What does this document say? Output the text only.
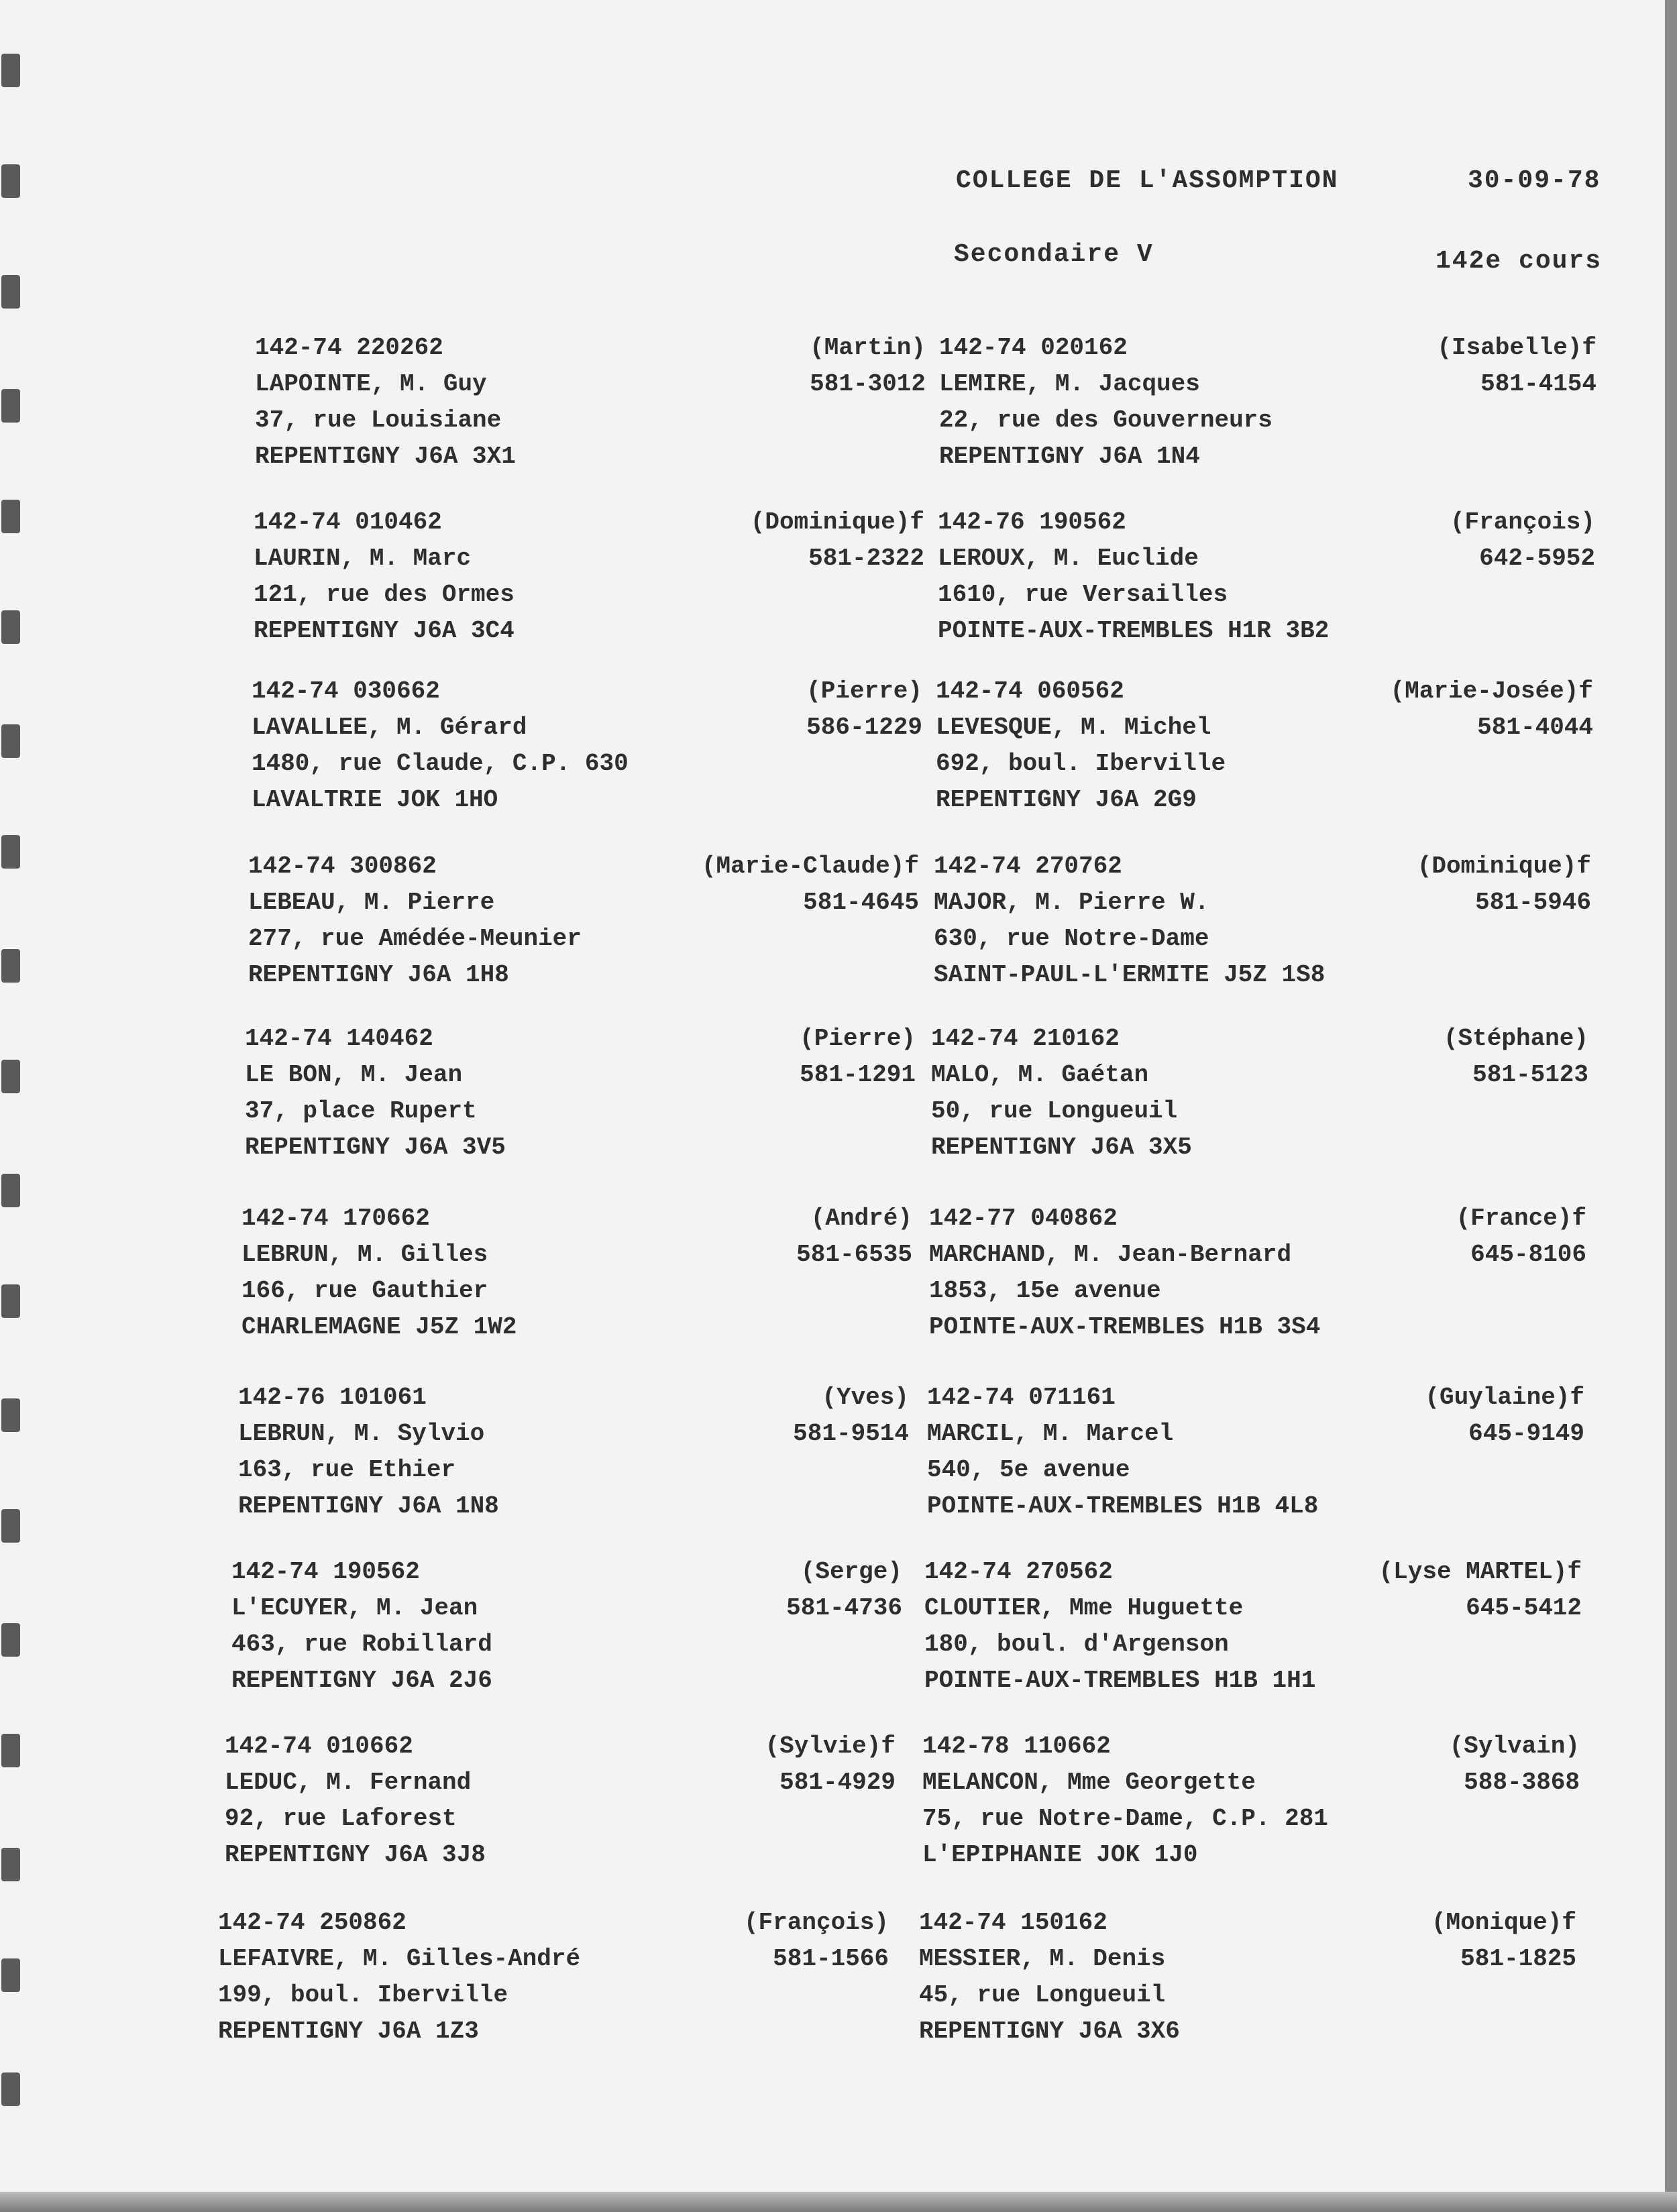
COLLEGE DE L'ASSOMPTION	30-09-78
Secondaire V	142e cours
142-74 220262
LAPOINTE, M. Guy
37, rue Louisiane
REPENTIGNY J6A 3X1
(Martin)
581-3012
142-74 010462
LAURIN, M. Marc
121, rue des Ormes
REPENTIGNY J6A 3C4
(Dominique)f
581-2322
142-74 030662
LAVALLEE, M. Gérard
1480, rue Claude, C.P. 630
LAVALTRIE JOK 1HO
(Pierre)
586-1229
142-74 300862
LEBEAU, M. Pierre
277, rue Amédée-Meunier
REPENTIGNY J6A 1H8
(Marie-Claude)f
581-4645
142-74 140462
LE BON, M. Jean
37, place Rupert
REPENTIGNY J6A 3V5
(Pierre)
581-1291
142-74 170662
LEBRUN, M. Gilles
166, rue Gauthier
CHARLEMAGNE J5Z 1W2
(André)
581-6535
142-76 101061
LEBRUN, M. Sylvio
163, rue Ethier
REPENTIGNY J6A 1N8
(Yves)
581-9514
142-74 190562
L'ECUYER, M. Jean
463, rue Robillard
REPENTIGNY J6A 2J6
(Serge)
581-4736
142-74 010662
LEDUC, M. Fernand
92, rue Laforest
REPENTIGNY J6A 3J8
(Sylvie)f
581-4929
142-74 250862
LEFAIVRE, M. Gilles-André
199, boul. Iberville
REPENTIGNY J6A 1Z3
(François)
581-1566
142-74 020162
LEMIRE, M. Jacques
22, rue des Gouverneurs
REPENTIGNY J6A 1N4
(Isabelle)f
581-4154
142-76 190562
LEROUX, M. Euclide
1610, rue Versailles
POINTE-AUX-TREMBLES H1R 3B2
(François)
642-5952
142-74 060562
LEVESQUE, M. Michel
692, boul. Iberville
REPENTIGNY J6A 2G9
(Marie-Josée)f
581-4044
142-74 270762
MAJOR, M. Pierre W.
630, rue Notre-Dame
SAINT-PAUL-L'ERMITE J5Z 1S8
(Dominique)f
581-5946
142-74 210162
MALO, M. Gaétan
50, rue Longueuil
REPENTIGNY J6A 3X5
(Stéphane)
581-5123
142-77 040862
MARCHAND, M. Jean-Bernard
1853, 15e avenue
POINTE-AUX-TREMBLES H1B 3S4
(France)f
645-8106
142-74 071161
MARCIL, M. Marcel
540, 5e avenue
POINTE-AUX-TREMBLES H1B 4L8
(Guylaine)f
645-9149
142-74 270562
CLOUTIER, Mme Huguette
180, boul. d'Argenson
POINTE-AUX-TREMBLES H1B 1H1
(Lyse MARTEL)f
645-5412
142-78 110662
MELANCON, Mme Georgette
75, rue Notre-Dame, C.P. 281
L'EPIPHANIE JOK 1J0
(Sylvain)
588-3868
142-74 150162
MESSIER, M. Denis
45, rue Longueuil
REPENTIGNY J6A 3X6
(Monique)f
581-1825
